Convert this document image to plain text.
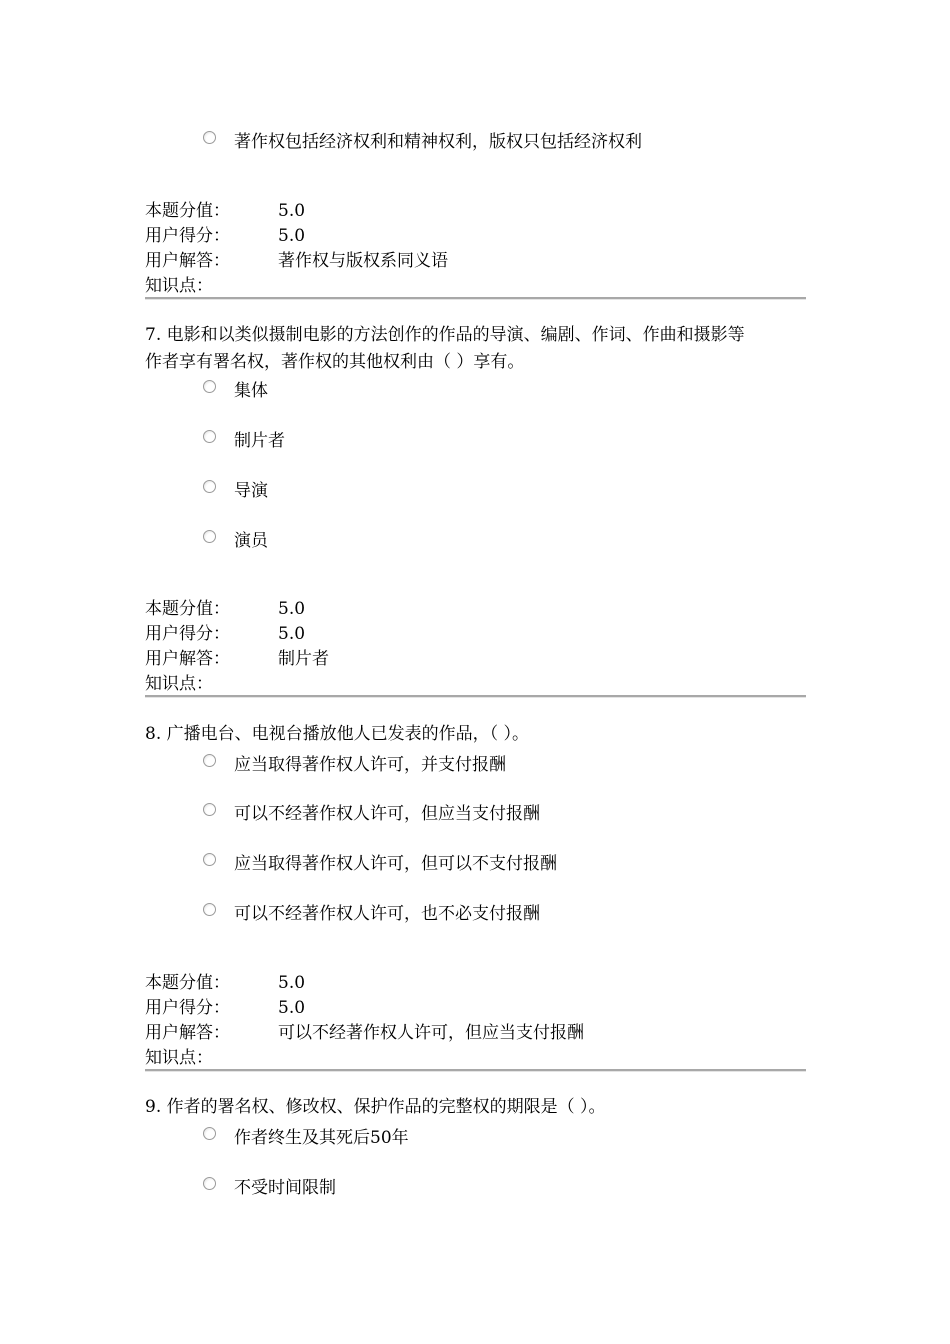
著作权包括经济权利和精神权利，版权只包括经济权利
本题分值：	5.0
用户得分：	5.0
用户解答：	著作权与版权系同义语
知识点：
7. 电影和以类似摄制电影的方法创作的作品的导演、编剧、作词、作曲和摄影等
作者享有署名权，著作权的其他权利由（ ）享有。
集体
制片者
导演
演员
本题分值：	5.0
用户得分：	5.0
用户解答：	制片者
知识点：
8. 广播电台、电视台播放他人已发表的作品，（ ）。
应当取得著作权人许可，并支付报酬
可以不经著作权人许可，但应当支付报酬
应当取得著作权人许可，但可以不支付报酬
可以不经著作权人许可，也不必支付报酬
本题分值：	5.0
用户得分：	5.0
用户解答：	可以不经著作权人许可，但应当支付报酬
知识点：
9. 作者的署名权、修改权、保护作品的完整权的期限是（ ）。
作者终生及其死后50年
不受时间限制
